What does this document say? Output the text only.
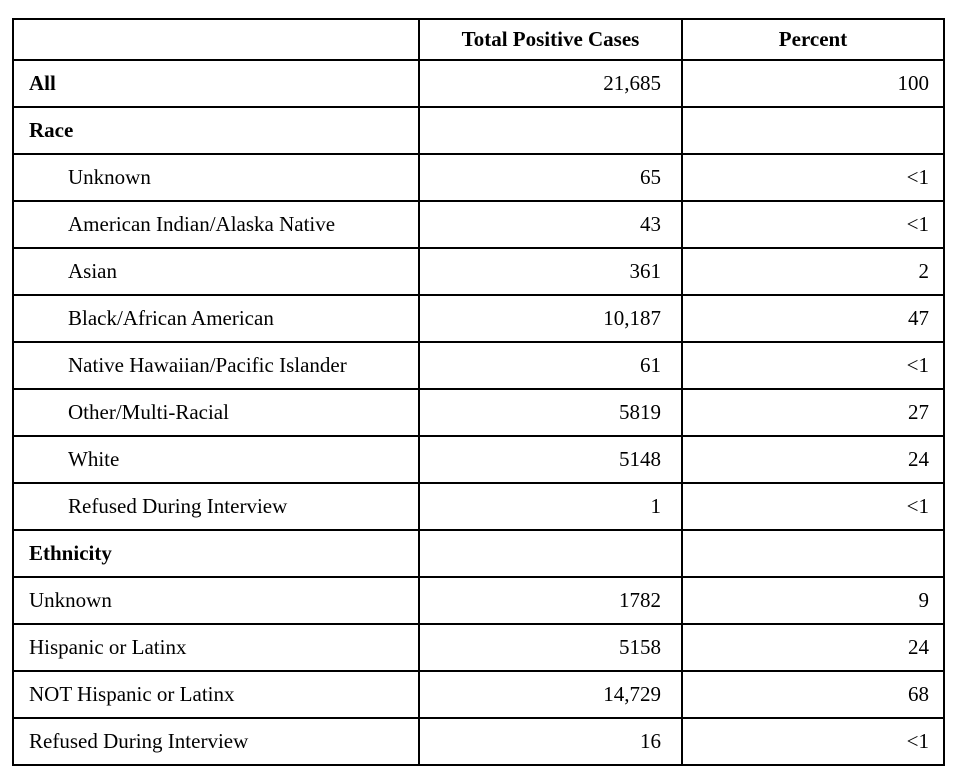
	Total Positive Cases	Percent
All	21,685	100
Race		
Unknown	65	<1
American Indian/Alaska Native	43	<1
Asian	361	2
Black/African American	10,187	47
Native Hawaiian/Pacific Islander	61	<1
Other/Multi-Racial	5819	27
White	5148	24
Refused During Interview	1	<1
Ethnicity		
Unknown	1782	9
Hispanic or Latinx	5158	24
NOT Hispanic or Latinx	14,729	68
Refused During Interview	16	<1
